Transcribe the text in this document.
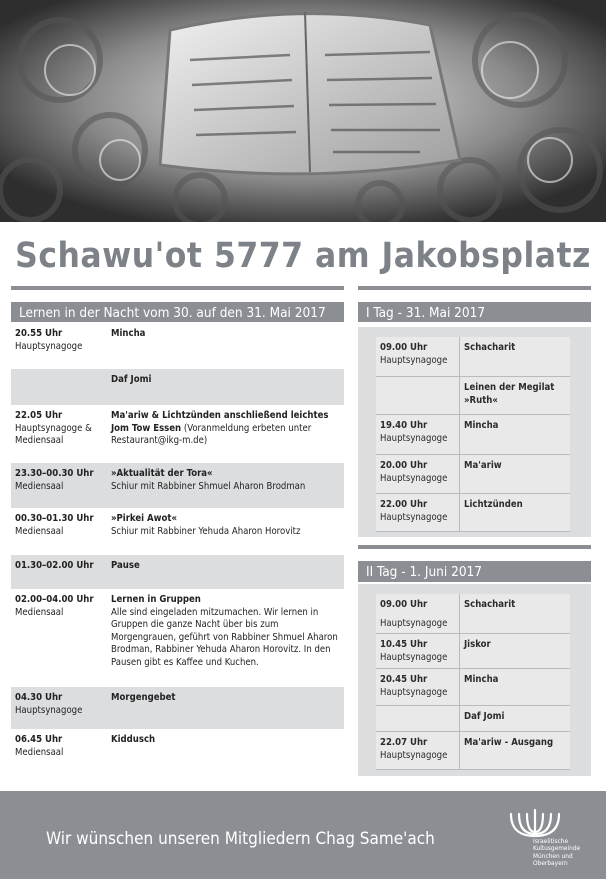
Schawu'ot 5777 am Jakobsplatz
Lernen in der Nacht vom 30. auf den 31. Mai 2017
20.55 Uhr
Hauptsynagoge
Mincha
Daf Jomi
22.05 Uhr
Hauptsynagoge & Mediensaal
Ma'ariw & Lichtzünden anschließend leichtes Jom Tow Essen (Voranmeldung erbeten unter Restaurant@ikg-m.de)
23.30–00.30 Uhr
Mediensaal
»Aktualität der Tora«
Schiur mit Rabbiner Shmuel Aharon Brodman
00.30–01.30 Uhr
Mediensaal
»Pirkei Awot«
Schiur mit Rabbiner Yehuda Aharon Horovitz
01.30–02.00 Uhr	Pause
02.00–04.00 Uhr
Mediensaal
Lernen in Gruppen
Alle sind eingeladen mitzumachen. Wir lernen in Gruppen die ganze Nacht über bis zum Morgengrauen, geführt von Rabbiner Shmuel Aharon Brodman, Rabbiner Yehuda Aharon Horovitz. In den Pausen gibt es Kaffee und Kuchen.
04.30 Uhr
Hauptsynagoge
Morgengebet
06.45 Uhr
Mediensaal
Kiddusch
I Tag - 31. Mai 2017
09.00 Uhr
Hauptsynagoge
Schacharit
Leinen der Megilat »Ruth«
19.40 Uhr
Hauptsynagoge
Mincha
20.00 Uhr
Hauptsynagoge
Ma'ariw
22.00 Uhr
Hauptsynagoge
Lichtzünden
II Tag - 1. Juni 2017
09.00 Uhr
Hauptsynagoge
Schacharit
10.45 Uhr
Hauptsynagoge
Jiskor
20.45 Uhr
Hauptsynagoge
Mincha
Daf Jomi
22.07 Uhr
Hauptsynagoge
Ma'ariw - Ausgang
Wir wünschen unseren Mitgliedern Chag Same'ach	Israelitische Kultusgemeinde München und Oberbayern
